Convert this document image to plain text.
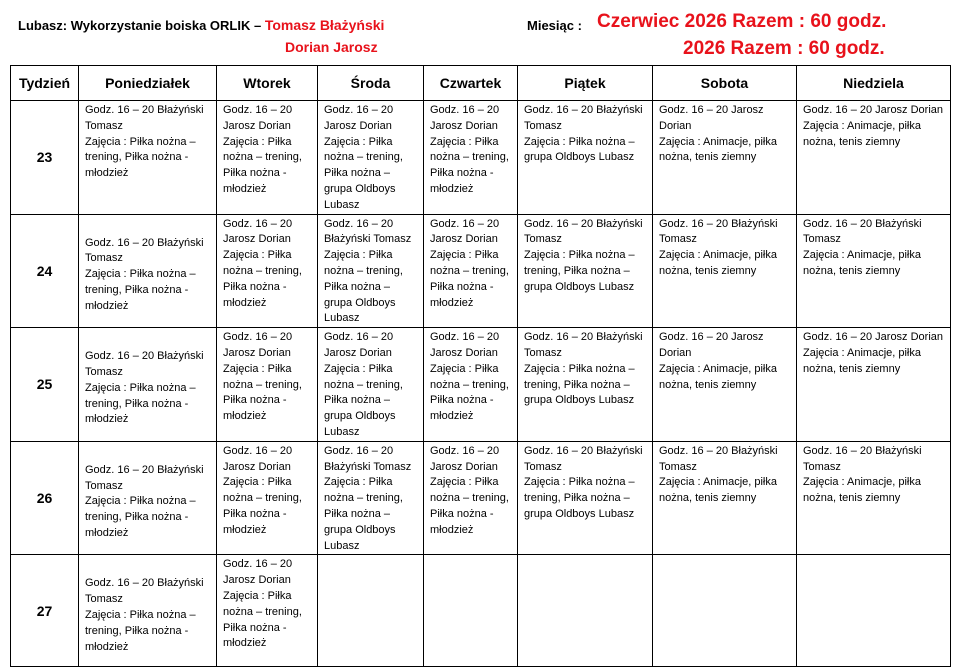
Lubasz: Wykorzystanie boiska ORLIK – Tomasz Błażyński
Dorian Jarosz
Miesiąc : Czerwiec 2026 Razem : 60 godz.
2026 Razem : 60 godz.
Tydzień	Poniedziałek	Wtorek	Środa	Czwartek	Piątek	Sobota	Niedziela
23	Godz. 16 – 20 Błażyński Tomasz
Zajęcia : Piłka nożna – trening, Piłka nożna - młodzież	Godz. 16 – 20 Jarosz Dorian
Zajęcia : Piłka nożna – trening, Piłka nożna - młodzież	Godz. 16 – 20 Jarosz Dorian
Zajęcia : Piłka nożna – trening, Piłka nożna – grupa Oldboys Lubasz	Godz. 16 – 20 Jarosz Dorian
Zajęcia : Piłka nożna – trening, Piłka nożna - młodzież	Godz. 16 – 20 Błażyński Tomasz
Zajęcia : Piłka nożna – grupa Oldboys Lubasz	Godz. 16 – 20 Jarosz Dorian
Zajęcia : Animacje, piłka nożna, tenis ziemny	Godz. 16 – 20 Jarosz Dorian
Zajęcia : Animacje, piłka nożna, tenis ziemny

24	Godz. 16 – 20 Błażyński Tomasz
Zajęcia : Piłka nożna – trening, Piłka nożna - młodzież	Godz. 16 – 20 Jarosz Dorian
Zajęcia : Piłka nożna – trening, Piłka nożna - młodzież	Godz. 16 – 20 Błażyński Tomasz
Zajęcia : Piłka nożna – trening, Piłka nożna – grupa Oldboys Lubasz	Godz. 16 – 20 Jarosz Dorian
Zajęcia : Piłka nożna – trening, Piłka nożna - młodzież	Godz. 16 – 20 Błażyński Tomasz
Zajęcia : Piłka nożna – trening, Piłka nożna – grupa Oldboys Lubasz	Godz. 16 – 20 Błażyński Tomasz
Zajęcia : Animacje, piłka nożna, tenis ziemny	Godz. 16 – 20 Błażyński Tomasz
Zajęcia : Animacje, piłka nożna, tenis ziemny

25	Godz. 16 – 20 Błażyński Tomasz
Zajęcia : Piłka nożna – trening, Piłka nożna - młodzież	Godz. 16 – 20 Jarosz Dorian
Zajęcia : Piłka nożna – trening, Piłka nożna - młodzież	Godz. 16 – 20 Jarosz Dorian
Zajęcia : Piłka nożna – trening, Piłka nożna – grupa Oldboys Lubasz	Godz. 16 – 20 Jarosz Dorian
Zajęcia : Piłka nożna – trening, Piłka nożna - młodzież	Godz. 16 – 20 Błażyński Tomasz
Zajęcia : Piłka nożna – trening, Piłka nożna – grupa Oldboys Lubasz	Godz. 16 – 20 Jarosz Dorian
Zajęcia : Animacje, piłka nożna, tenis ziemny	Godz. 16 – 20 Jarosz Dorian
Zajęcia : Animacje, piłka nożna, tenis ziemny

26	Godz. 16 – 20 Błażyński Tomasz
Zajęcia : Piłka nożna – trening, Piłka nożna - młodzież	Godz. 16 – 20 Jarosz Dorian
Zajęcia : Piłka nożna – trening, Piłka nożna - młodzież	Godz. 16 – 20 Błażyński Tomasz
Zajęcia : Piłka nożna – trening, Piłka nożna – grupa Oldboys Lubasz	Godz. 16 – 20 Jarosz Dorian
Zajęcia : Piłka nożna – trening, Piłka nożna - młodzież	Godz. 16 – 20 Błażyński Tomasz
Zajęcia : Piłka nożna – trening, Piłka nożna – grupa Oldboys Lubasz	Godz. 16 – 20 Błażyński Tomasz
Zajęcia : Animacje, piłka nożna, tenis ziemny	Godz. 16 – 20 Błażyński Tomasz
Zajęcia : Animacje, piłka nożna, tenis ziemny

27	Godz. 16 – 20 Błażyński Tomasz
Zajęcia : Piłka nożna – trening, Piłka nożna - młodzież	Godz. 16 – 20 Jarosz Dorian
Zajęcia : Piłka nożna – trening, Piłka nożna - młodzież					
